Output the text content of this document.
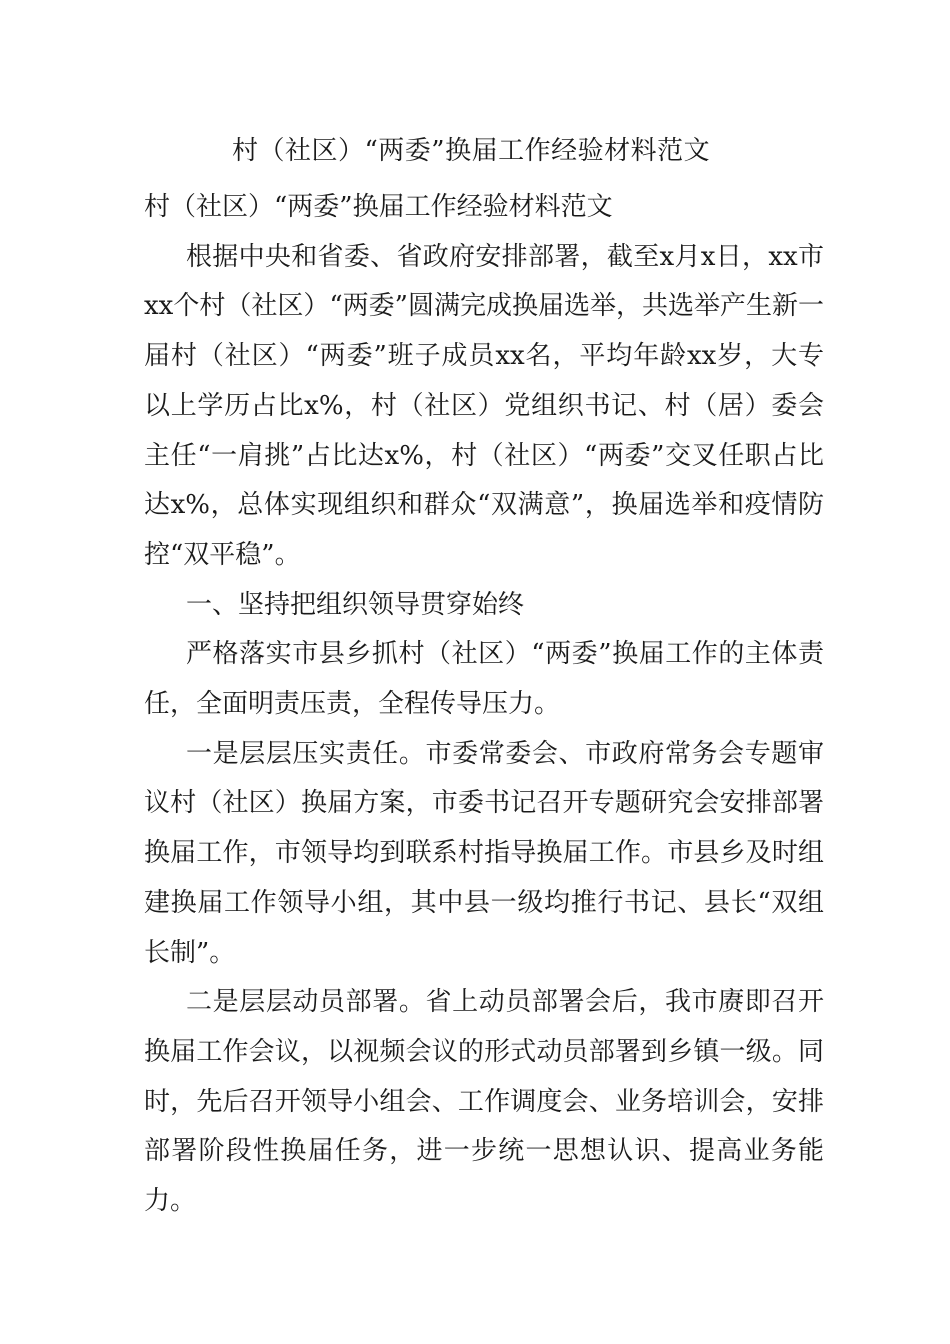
村（社区）“两委”换届工作经验材料范文

村（社区）“两委”换届工作经验材料范文

根据中央和省委、省政府安排部署，截至x月x日，xx市xx个村（社区）“两委”圆满完成换届选举，共选举产生新一届村（社区）“两委”班子成员xx名，平均年龄xx岁，大专以上学历占比x%，村（社区）党组织书记、村（居）委会主任“一肩挑”占比达x%，村（社区）“两委”交叉任职占比达x%，总体实现组织和群众“双满意”，换届选举和疫情防控“双平稳”。

一、坚持把组织领导贯穿始终

严格落实市县乡抓村（社区）“两委”换届工作的主体责任，全面明责压责，全程传导压力。

一是层层压实责任。市委常委会、市政府常务会专题审议村（社区）换届方案，市委书记召开专题研究会安排部署换届工作，市领导均到联系村指导换届工作。市县乡及时组建换届工作领导小组，其中县一级均推行书记、县长“双组长制”。

二是层层动员部署。省上动员部署会后，我市赓即召开换届工作会议，以视频会议的形式动员部署到乡镇一级。同时，先后召开领导小组会、工作调度会、业务培训会，安排部署阶段性换届任务，进一步统一思想认识、提高业务能力。
